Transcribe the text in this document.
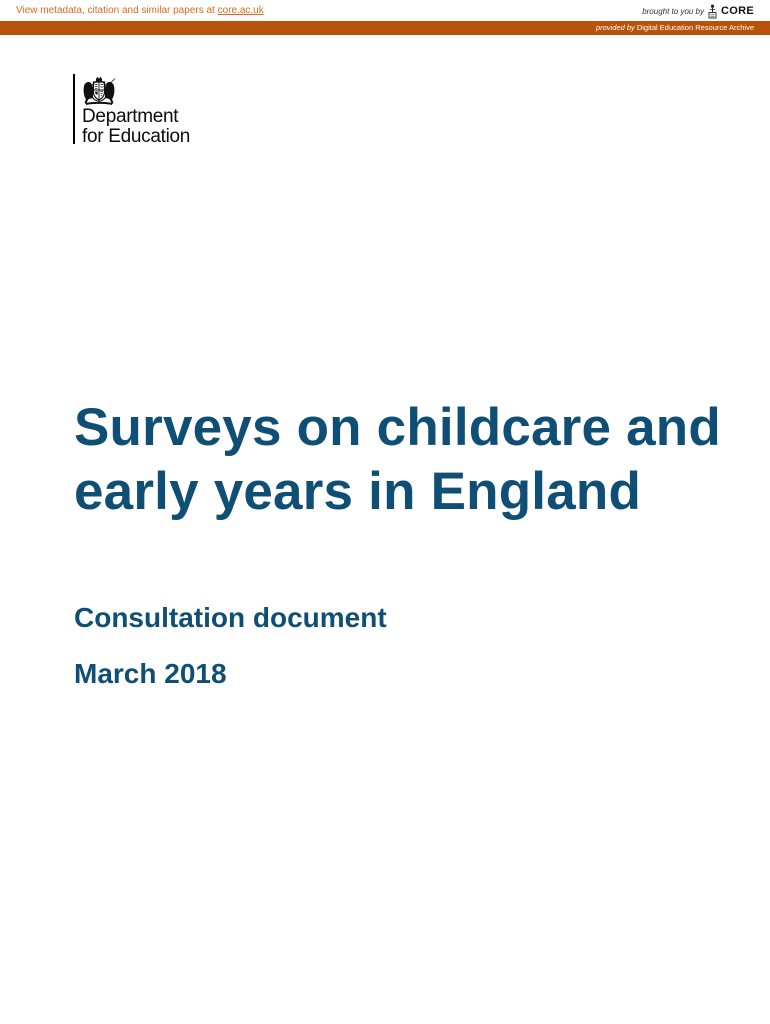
View metadata, citation and similar papers at core.ac.uk	brought to you by CORE
provided by Digital Education Resource Archive
Department
for Education
Surveys on childcare and early years in England
Consultation document
March 2018
